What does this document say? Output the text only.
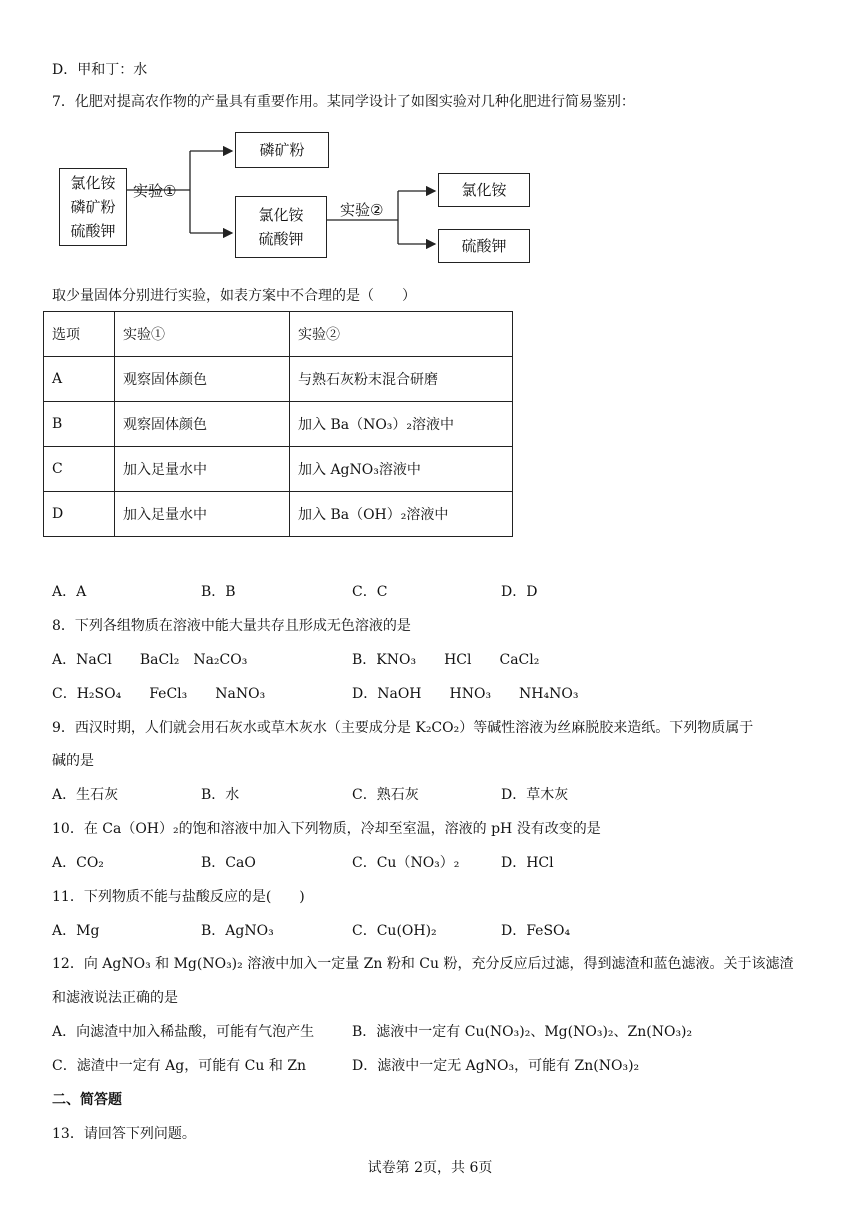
D．甲和丁：水
7．化肥对提高农作物的产量具有重要作用。某同学设计了如图实验对几种化肥进行简易鉴别：
氯化铵
磷矿粉
硫酸钾
实验①
磷矿粉
氯化铵
硫酸钾
实验②
氯化铵
硫酸钾
取少量固体分别进行实验，如表方案中不合理的是（　　）
选项	实验①	实验②
A	观察固体颜色	与熟石灰粉末混合研磨
B	观察固体颜色	加入 Ba（NO₃）₂溶液中
C	加入足量水中	加入 AgNO₃溶液中
D	加入足量水中	加入 Ba（OH）₂溶液中
A．A	B．B	C．C	D．D
8．下列各组物质在溶液中能大量共存且形成无色溶液的是
A．NaCl　　BaCl₂　Na₂CO₃	B．KNO₃　　HCl　　CaCl₂
C．H₂SO₄　　FeCl₃　　NaNO₃	D．NaOH　　HNO₃　　NH₄NO₃
9．西汉时期，人们就会用石灰水或草木灰水（主要成分是 K₂CO₂）等碱性溶液为丝麻脱胶来造纸。下列物质属于
碱的是
A．生石灰	B．水	C．熟石灰	D．草木灰
10．在 Ca（OH）₂的饱和溶液中加入下列物质，冷却至室温，溶液的 pH 没有改变的是
A．CO₂	B．CaO	C．Cu（NO₃）₂	D．HCl
11．下列物质不能与盐酸反应的是(　　)
A．Mg	B．AgNO₃	C．Cu(OH)₂	D．FeSO₄
12．向 AgNO₃ 和 Mg(NO₃)₂ 溶液中加入一定量 Zn 粉和 Cu 粉，充分反应后过滤，得到滤渣和蓝色滤液。关于该滤渣
和滤液说法正确的是
A．向滤渣中加入稀盐酸，可能有气泡产生	B．滤液中一定有 Cu(NO₃)₂、Mg(NO₃)₂、Zn(NO₃)₂
C．滤渣中一定有 Ag，可能有 Cu 和 Zn	D．滤液中一定无 AgNO₃，可能有 Zn(NO₃)₂
二、简答题
13．请回答下列问题。
试卷第 2页，共 6页
